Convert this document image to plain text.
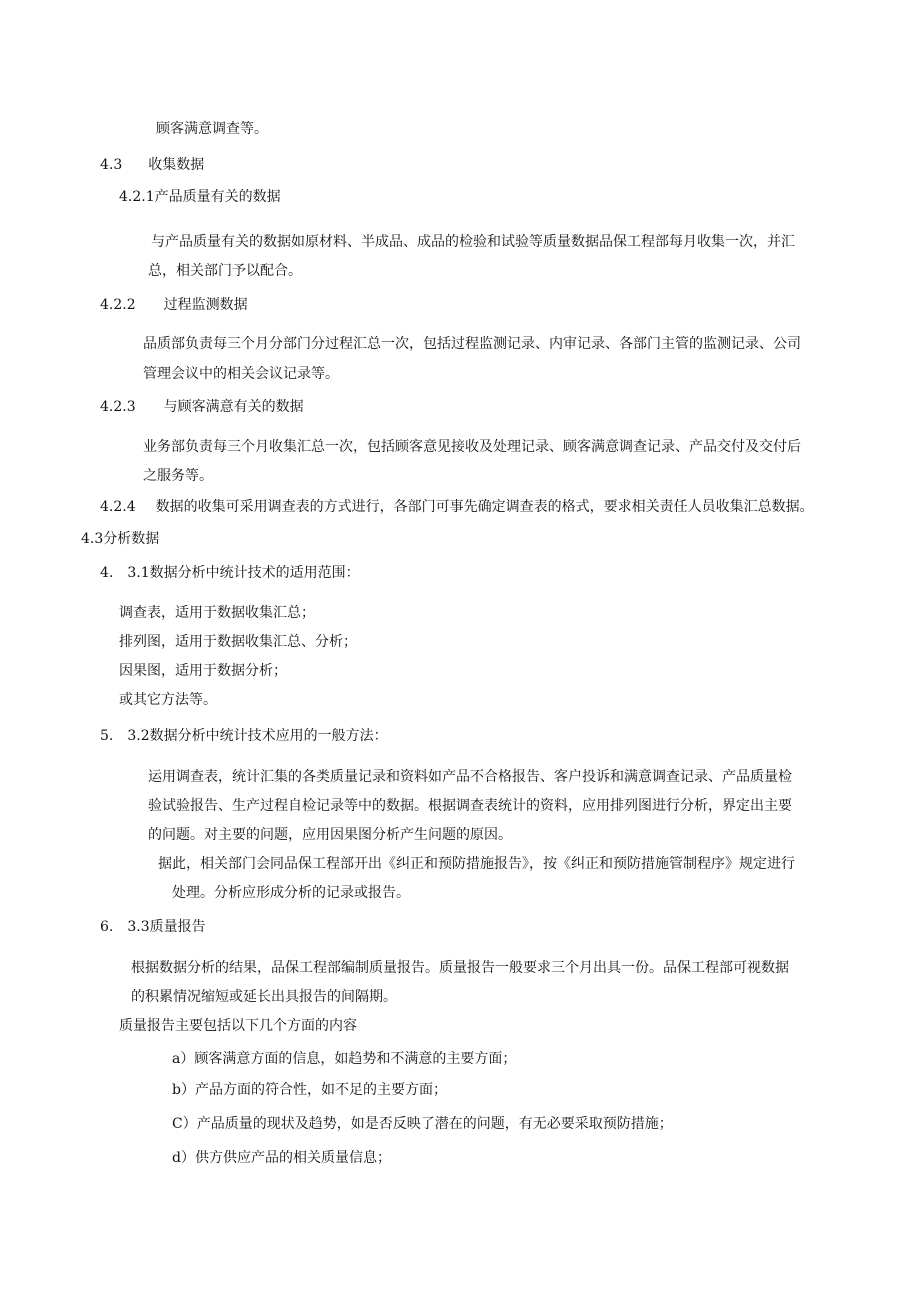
顾客满意调查等。
4.3 收集数据
4.2.1产品质量有关的数据
与产品质量有关的数据如原材料、半成品、成品的检验和试验等质量数据品保工程部每月收集一次，并汇
总，相关部门予以配合。
4.2.2 过程监测数据
品质部负责每三个月分部门分过程汇总一次，包括过程监测记录、内审记录、各部门主管的监测记录、公司
管理会议中的相关会议记录等。
4.2.3 与顾客满意有关的数据
业务部负责每三个月收集汇总一次，包括顾客意见接收及处理记录、顾客满意调查记录、产品交付及交付后
之服务等。
4.2.4 数据的收集可采用调查表的方式进行，各部门可事先确定调查表的格式，要求相关责任人员收集汇总数据。
4.3分析数据
4.　3.1数据分析中统计技术的适用范围：
调查表，适用于数据收集汇总；
排列图，适用于数据收集汇总、分析；
因果图，适用于数据分析；
或其它方法等。
5.　3.2数据分析中统计技术应用的一般方法：
运用调查表，统计汇集的各类质量记录和资料如产品不合格报告、客户投诉和满意调查记录、产品质量检
验试验报告、生产过程自检记录等中的数据。根据调查表统计的资料，应用排列图进行分析，界定出主要
的问题。对主要的问题，应用因果图分析产生问题的原因。
据此，相关部门会同品保工程部开出《纠正和预防措施报告》，按《纠正和预防措施管制程序》规定进行
处理。分析应形成分析的记录或报告。
6.　3.3质量报告
根据数据分析的结果，品保工程部编制质量报告。质量报告一般要求三个月出具一份。品保工程部可视数据
的积累情况缩短或延长出具报告的间隔期。
质量报告主要包括以下几个方面的内容
a）顾客满意方面的信息，如趋势和不满意的主要方面；
b）产品方面的符合性，如不足的主要方面；
C）产品质量的现状及趋势，如是否反映了潜在的问题，有无必要采取预防措施；
d）供方供应产品的相关质量信息；
